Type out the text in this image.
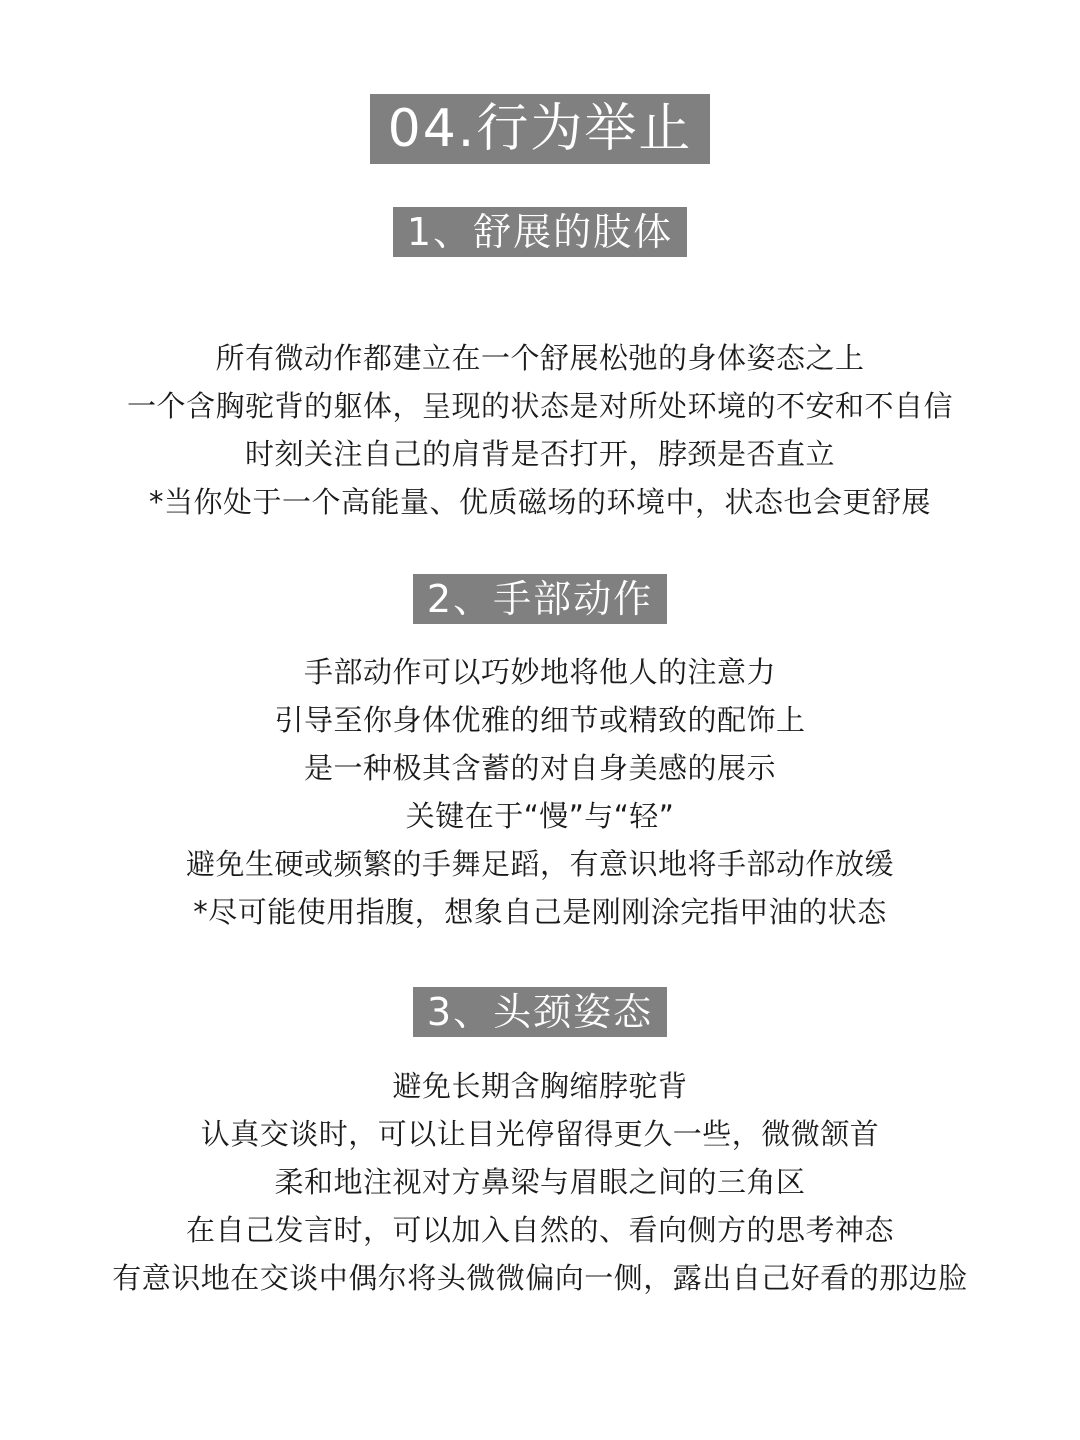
04.行为举止
1、舒展的肢体
所有微动作都建立在一个舒展松弛的身体姿态之上
一个含胸驼背的躯体，呈现的状态是对所处环境的不安和不自信
时刻关注自己的肩背是否打开，脖颈是否直立
*当你处于一个高能量、优质磁场的环境中，状态也会更舒展
2、手部动作
手部动作可以巧妙地将他人的注意力
引导至你身体优雅的细节或精致的配饰上
是一种极其含蓄的对自身美感的展示
关键在于“慢”与“轻”
避免生硬或频繁的手舞足蹈，有意识地将手部动作放缓
*尽可能使用指腹，想象自己是刚刚涂完指甲油的状态
3、头颈姿态
避免长期含胸缩脖驼背
认真交谈时，可以让目光停留得更久一些，微微颔首
柔和地注视对方鼻梁与眉眼之间的三角区
在自己发言时，可以加入自然的、看向侧方的思考神态
有意识地在交谈中偶尔将头微微偏向一侧，露出自己好看的那边脸
